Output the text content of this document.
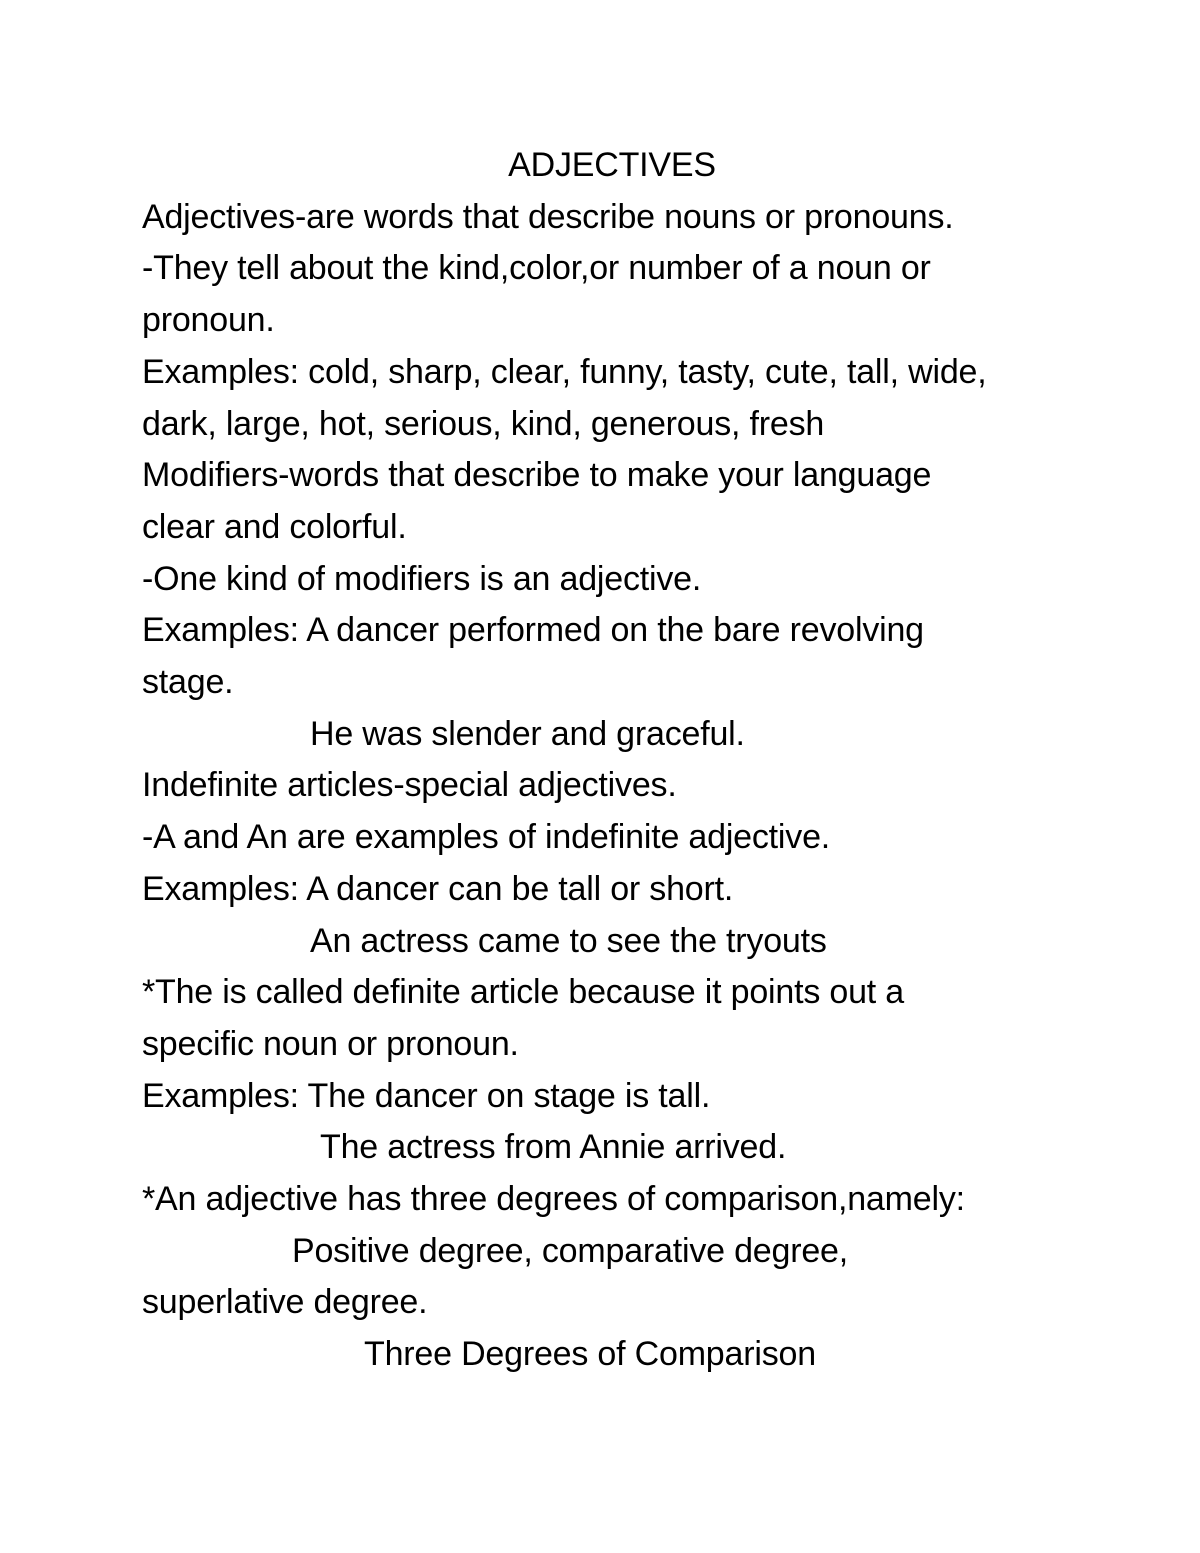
ADJECTIVES
Adjectives-are words that describe nouns or pronouns.
-They tell about the kind,color,or number of a noun or
pronoun.
Examples: cold, sharp, clear, funny, tasty, cute, tall, wide,
dark, large, hot, serious, kind, generous, fresh
Modifiers-words that describe to make your language
clear and colorful.
-One kind of modifiers is an adjective.
Examples: A dancer performed on the bare revolving
stage.
He was slender and graceful.
Indefinite articles-special adjectives.
-A and An are examples of indefinite adjective.
Examples: A dancer can be tall or short.
An actress came to see the tryouts
*The is called definite article because it points out a
specific noun or pronoun.
Examples: The dancer on stage is tall.
The actress from Annie arrived.
*An adjective has three degrees of comparison,namely:
Positive degree, comparative degree,
superlative degree.
Three Degrees of Comparison
